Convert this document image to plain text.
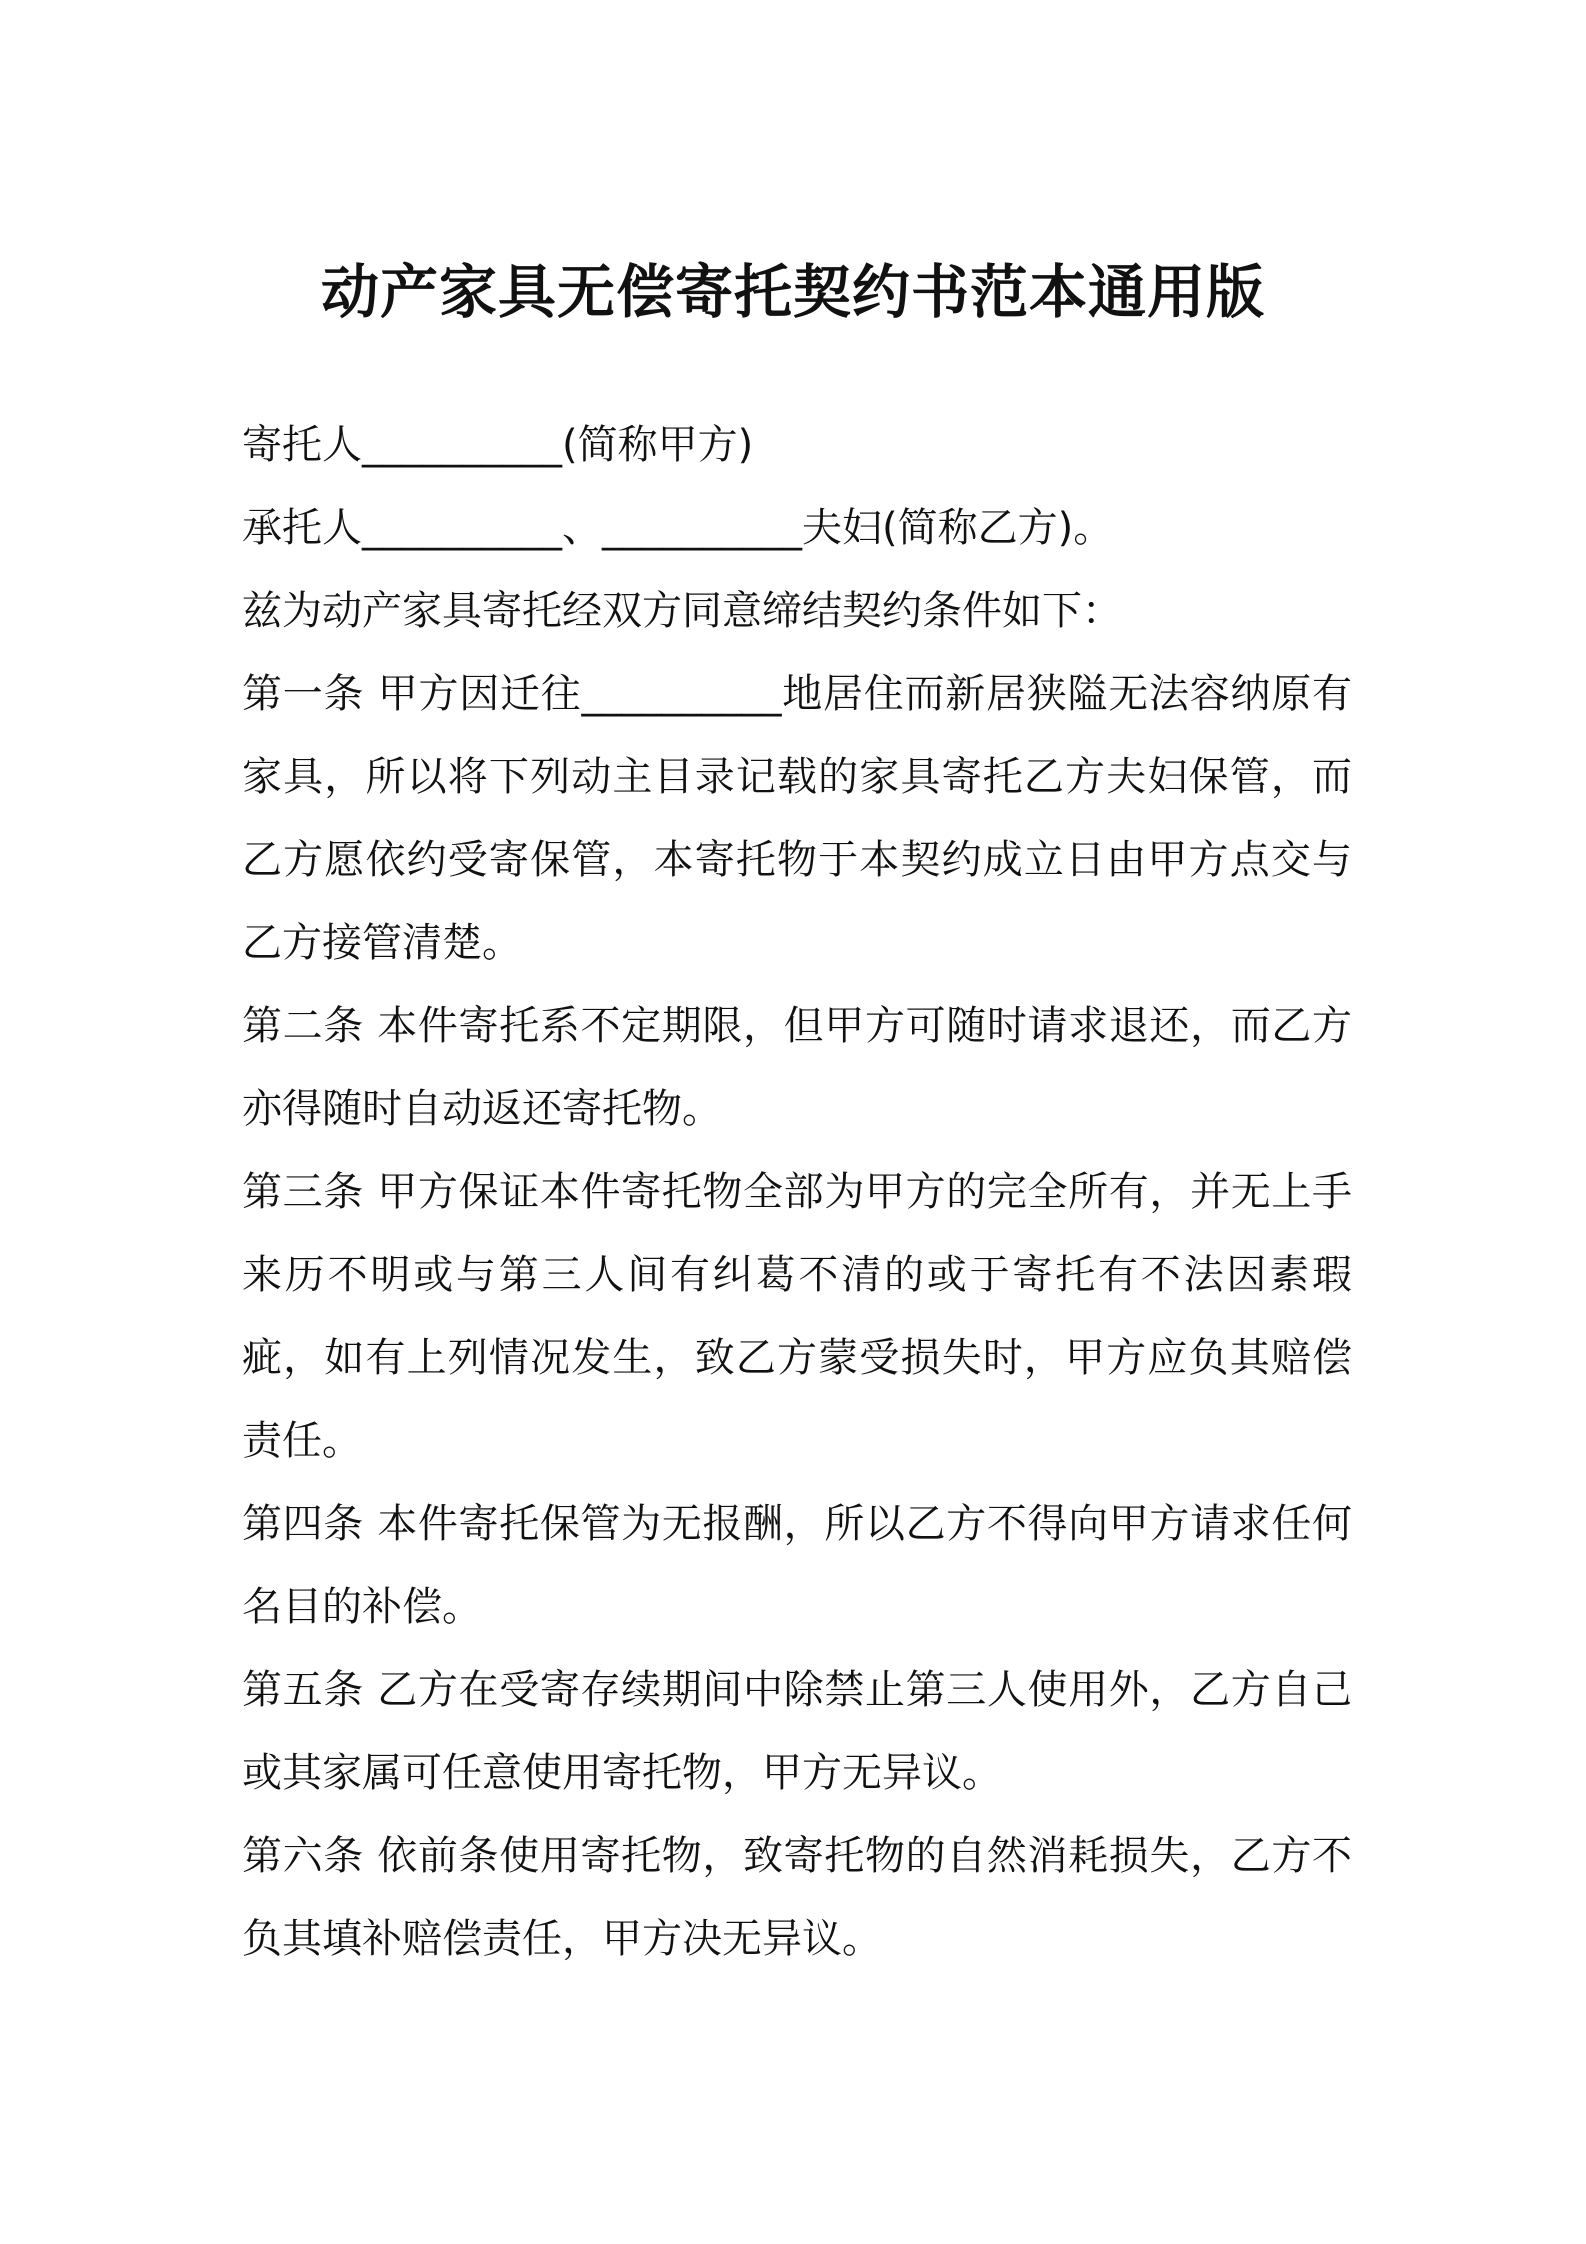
动产家具无偿寄托契约书范本通用版

寄托人__________(简称甲方)

承托人__________、__________夫妇(简称乙方)。

兹为动产家具寄托经双方同意缔结契约条件如下：

第一条 甲方因迁往__________地居住而新居狭隘无法容纳原有家具，所以将下列动主目录记载的家具寄托乙方夫妇保管，而乙方愿依约受寄保管，本寄托物于本契约成立日由甲方点交与乙方接管清楚。

第二条 本件寄托系不定期限，但甲方可随时请求退还，而乙方亦得随时自动返还寄托物。

第三条 甲方保证本件寄托物全部为甲方的完全所有，并无上手来历不明或与第三人间有纠葛不清的或于寄托有不法因素瑕疵，如有上列情况发生，致乙方蒙受损失时，甲方应负其赔偿责任。

第四条 本件寄托保管为无报酬，所以乙方不得向甲方请求任何名目的补偿。

第五条 乙方在受寄存续期间中除禁止第三人使用外，乙方自己或其家属可任意使用寄托物，甲方无异议。

第六条 依前条使用寄托物，致寄托物的自然消耗损失，乙方不负其填补赔偿责任，甲方决无异议。
